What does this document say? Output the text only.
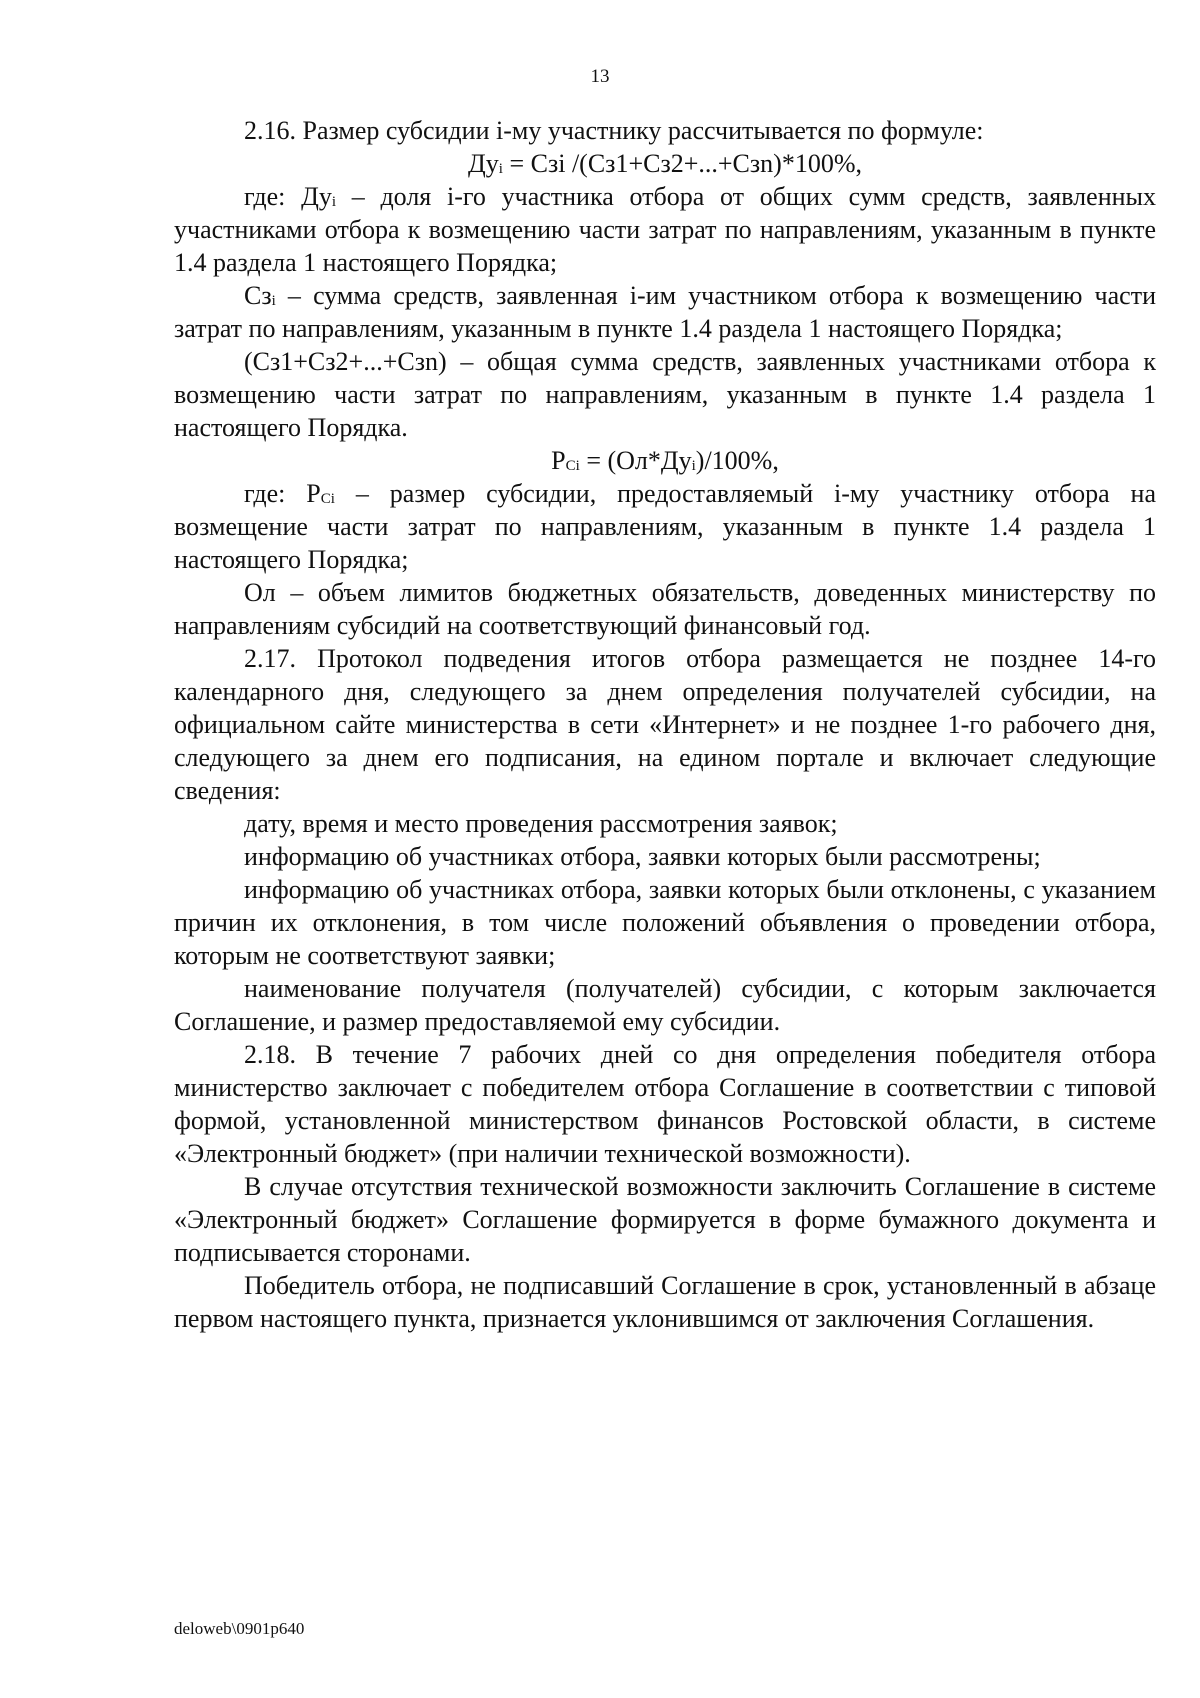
13

2.16. Размер субсидии i-му участнику рассчитывается по формуле:

$Ду_i$ = Сзi /(Сз1+Сз2+...+Сзn)*100%,

где: $Ду_i$ – доля i-го участника отбора от общих сумм средств, заявленных участниками отбора к возмещению части затрат по направлениям, указанным в пункте 1.4 раздела 1 настоящего Порядка;

$Сз_i$ – сумма средств, заявленная i-им участником отбора к возмещению части затрат по направлениям, указанным в пункте 1.4 раздела 1 настоящего Порядка;

(Сз1+Сз2+...+Сзn) – общая сумма средств, заявленных участниками отбора к возмещению части затрат по направлениям, указанным в пункте 1.4 раздела 1 настоящего Порядка.

$Р_{Сi} = (Ол*Ду_i)/100\%$,

где: $Р_{Сi}$ – размер субсидии, предоставляемый i-му участнику отбора на возмещение части затрат по направлениям, указанным в пункте 1.4 раздела 1 настоящего Порядка;

Ол – объем лимитов бюджетных обязательств, доведенных министерству по направлениям субсидий на соответствующий финансовый год.

2.17. Протокол подведения итогов отбора размещается не позднее 14-го календарного дня, следующего за днем определения получателей субсидии, на официальном сайте министерства в сети «Интернет» и не позднее 1-го рабочего дня, следующего за днем его подписания, на едином портале и включает следующие сведения:

дату, время и место проведения рассмотрения заявок;

информацию об участниках отбора, заявки которых были рассмотрены;

информацию об участниках отбора, заявки которых были отклонены, с указанием причин их отклонения, в том числе положений объявления о проведении отбора, которым не соответствуют заявки;

наименование получателя (получателей) субсидии, с которым заключается Соглашение, и размер предоставляемой ему субсидии.

2.18. В течение 7 рабочих дней со дня определения победителя отбора министерство заключает с победителем отбора Соглашение в соответствии с типовой формой, установленной министерством финансов Ростовской области, в системе «Электронный бюджет» (при наличии технической возможности).

В случае отсутствия технической возможности заключить Соглашение в системе «Электронный бюджет» Соглашение формируется в форме бумажного документа и подписывается сторонами.

Победитель отбора, не подписавший Соглашение в срок, установленный в абзаце первом настоящего пункта, признается уклонившимся от заключения Соглашения.

deloweb\0901p640
